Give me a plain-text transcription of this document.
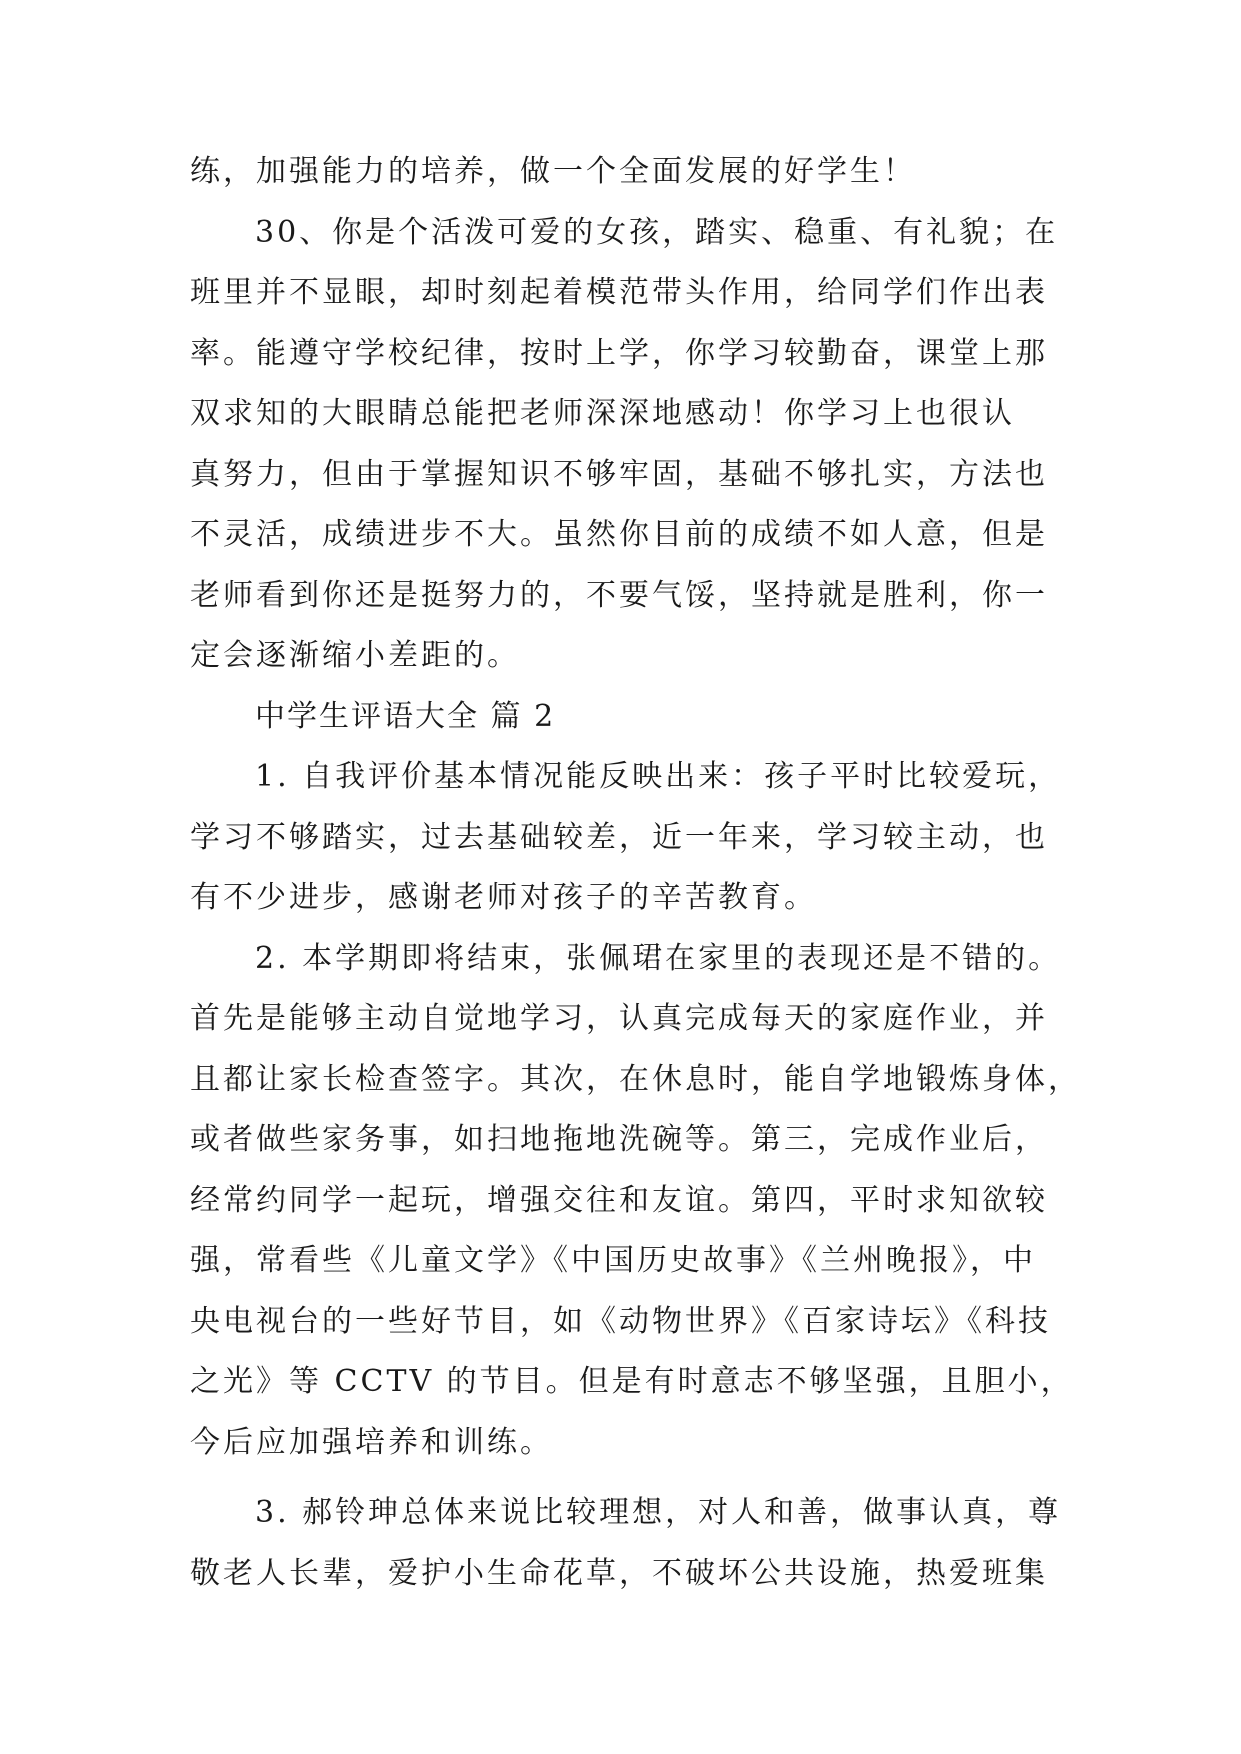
练，加强能力的培养，做一个全面发展的好学生！
30、你是个活泼可爱的女孩，踏实、稳重、有礼貌；在
班里并不显眼，却时刻起着模范带头作用，给同学们作出表
率。能遵守学校纪律，按时上学，你学习较勤奋，课堂上那
双求知的大眼睛总能把老师深深地感动！你学习上也很认
真努力，但由于掌握知识不够牢固，基础不够扎实，方法也
不灵活，成绩进步不大。虽然你目前的成绩不如人意，但是
老师看到你还是挺努力的，不要气馁，坚持就是胜利，你一
定会逐渐缩小差距的。
中学生评语大全 篇 2
1. 自我评价基本情况能反映出来：孩子平时比较爱玩，
学习不够踏实，过去基础较差，近一年来，学习较主动，也
有不少进步，感谢老师对孩子的辛苦教育。
2. 本学期即将结束，张佩珺在家里的表现还是不错的。
首先是能够主动自觉地学习，认真完成每天的家庭作业，并
且都让家长检查签字。其次，在休息时，能自学地锻炼身体，
或者做些家务事，如扫地拖地洗碗等。第三，完成作业后，
经常约同学一起玩，增强交往和友谊。第四，平时求知欲较
强，常看些《儿童文学》《中国历史故事》《兰州晚报》，中
央电视台的一些好节目，如《动物世界》《百家诗坛》《科技
之光》等 CCTV 的节目。但是有时意志不够坚强，且胆小，
今后应加强培养和训练。
3. 郝铃珅总体来说比较理想，对人和善，做事认真，尊
敬老人长辈，爱护小生命花草，不破坏公共设施，热爱班集
